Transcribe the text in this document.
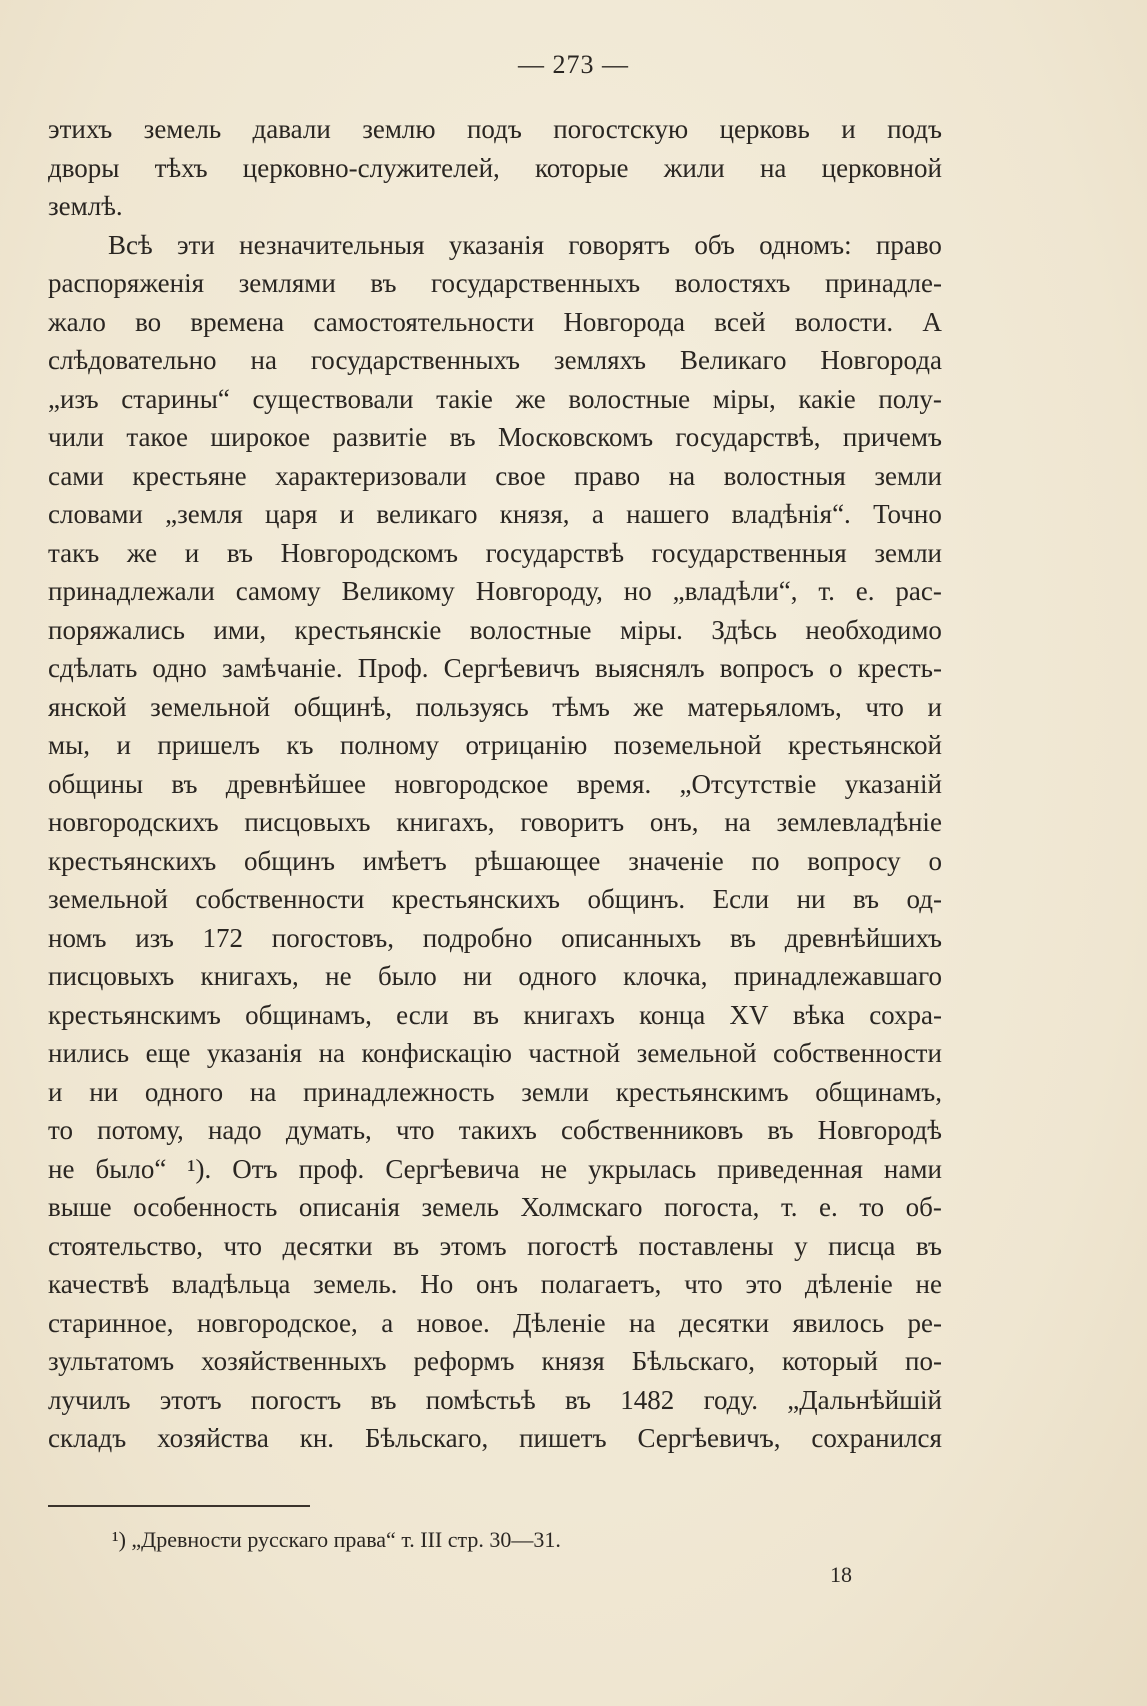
— 273 —
этихъ земель давали землю подъ погостскую церковь и подъ
дворы тѣхъ церковно-служителей, которые жили на церковной
землѣ.
Всѣ эти незначительныя указанія говорятъ объ одномъ: право
распоряженія землями въ государственныхъ волостяхъ принадле-
жало во времена самостоятельности Новгорода всей волости. А
слѣдовательно на государственныхъ земляхъ Великаго Новгорода
„изъ старины“ существовали такіе же волостные міры, какіе полу-
чили такое широкое развитіе въ Московскомъ государствѣ, причемъ
сами крестьяне характеризовали свое право на волостныя земли
словами „земля царя и великаго князя, а нашего владѣнія“. Точно
такъ же и въ Новгородскомъ государствѣ государственныя земли
принадлежали самому Великому Новгороду, но „владѣли“, т. е. рас-
поряжались ими, крестьянскіе волостные міры. Здѣсь необходимо
сдѣлать одно замѣчаніе. Проф. Сергѣевичъ выяснялъ вопросъ о кресть-
янской земельной общинѣ, пользуясь тѣмъ же матерьяломъ, что и
мы, и пришелъ къ полному отрицанію поземельной крестьянской
общины въ древнѣйшее новгородское время. „Отсутствіе указаній
новгородскихъ писцовыхъ книгахъ, говоритъ онъ, на землевладѣніе
крестьянскихъ общинъ имѣетъ рѣшающее значеніе по вопросу о
земельной собственности крестьянскихъ общинъ. Если ни въ од-
номъ изъ 172 погостовъ, подробно описанныхъ въ древнѣйшихъ
писцовыхъ книгахъ, не было ни одного клочка, принадлежавшаго
крестьянскимъ общинамъ, если въ книгахъ конца XV вѣка сохра-
нились еще указанія на конфискацію частной земельной собственности
и ни одного на принадлежность земли крестьянскимъ общинамъ,
то потому, надо думать, что такихъ собственниковъ въ Новгородѣ
не было“ ¹). Отъ проф. Сергѣевича не укрылась приведенная нами
выше особенность описанія земель Холмскаго погоста, т. е. то об-
стоятельство, что десятки въ этомъ погостѣ поставлены у писца въ
качествѣ владѣльца земель. Но онъ полагаетъ, что это дѣленіе не
старинное, новгородское, а новое. Дѣленіе на десятки явилось ре-
зультатомъ хозяйственныхъ реформъ князя Бѣльскаго, который по-
лучилъ этотъ погостъ въ помѣстьѣ въ 1482 году. „Дальнѣйшій
складъ хозяйства кн. Бѣльскаго, пишетъ Сергѣевичъ, сохранился
¹) „Древности русскаго права“ т. III стр. 30—31.
18
